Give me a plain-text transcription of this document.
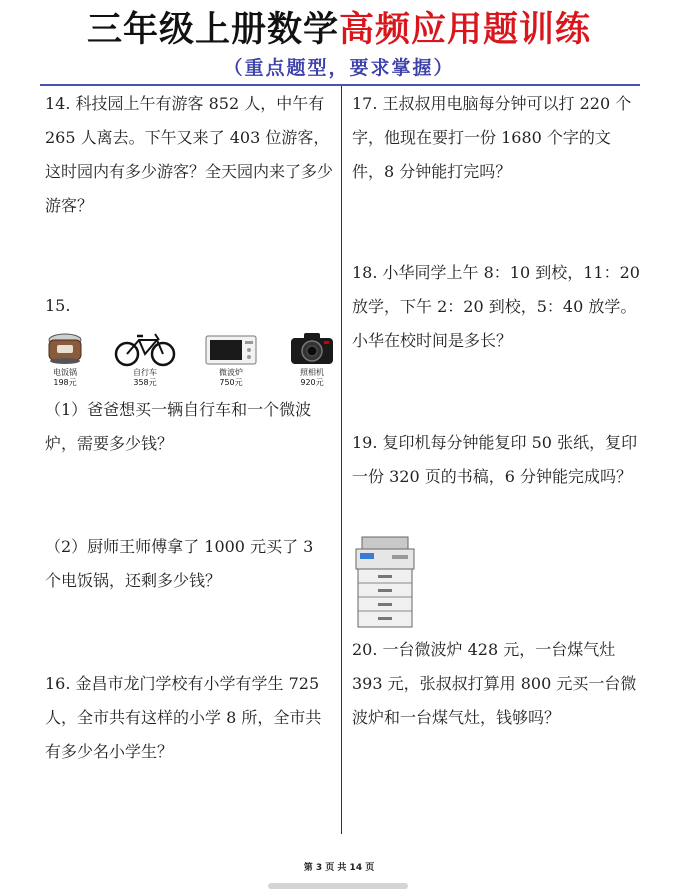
三年级上册数学高频应用题训练
（重点题型，要求掌握）
14. 科技园上午有游客 852 人，中午有 265 人离去。下午又来了 403 位游客，这时园内有多少游客？全天园内来了多少游客？
15.
电饭锅
198元
自行车
358元
微波炉
750元
照相机
920元
（1）爸爸想买一辆自行车和一个微波炉，需要多少钱？
（2）厨师王师傅拿了 1000 元买了 3 个电饭锅，还剩多少钱？
16. 金昌市龙门学校有小学有学生 725 人，全市共有这样的小学 8 所，全市共有多少名小学生？
17. 王叔叔用电脑每分钟可以打 220 个字，他现在要打一份 1680 个字的文件，8 分钟能打完吗？
18. 小华同学上午 8：10 到校，11：20 放学，下午 2：20 到校，5：40 放学。小华在校时间是多长？
19. 复印机每分钟能复印 50 张纸，复印一份 320 页的书稿，6 分钟能完成吗？
20. 一台微波炉 428 元，一台煤气灶 393 元，张叔叔打算用 800 元买一台微波炉和一台煤气灶，钱够吗？
第 3 页 共 14 页
